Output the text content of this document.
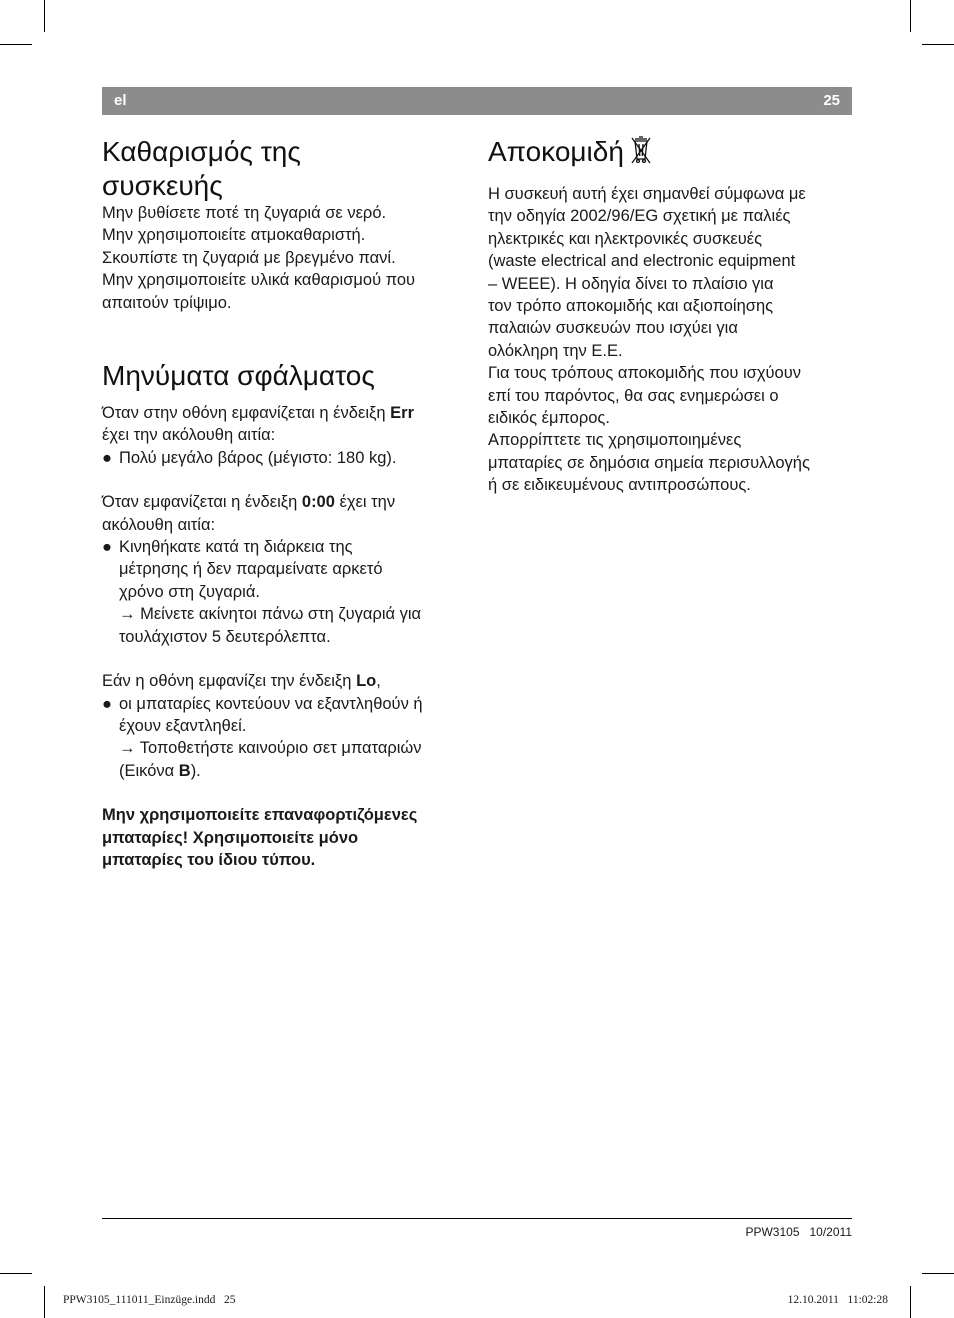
el	25
Καθαρισμός της
συσκευής

Μην βυθίσετε ποτέ τη ζυγαριά σε νερό.

Μην χρησιμοποιείτε ατμοκαθαριστή.

Σκουπίστε τη ζυγαριά με βρεγμένο πανί.

Μην χρησιμοποιείτε υλικά καθαρισμού που

απαιτούν τρίψιμο.

Μηνύματα σφάλματος

Όταν στην οθόνη εμφανίζεται η ένδειξη Err

έχει την ακόλουθη αιτία:

● Πολύ μεγάλο βάρος (μέγιστο: 180 kg).

Όταν εμφανίζεται η ένδειξη 0:00 έχει την

ακόλουθη αιτία:

● Κινηθήκατε κατά τη διάρκεια της
μέτρησης ή δεν παραμείνατε αρκετό
χρόνο στη ζυγαριά.
→ Μείνετε ακίνητοι πάνω στη ζυγαριά για
τουλάχιστον 5 δευτερόλεπτα.

Εάν η οθόνη εμφανίζει την ένδειξη Lo,

● οι μπαταρίες κοντεύουν να εξαντληθούν ή
έχουν εξαντληθεί.
→ Τοποθετήστε καινούριο σετ μπαταριών
(Εικόνα B).

Μην χρησιμοποιείτε επαναφορτιζόμενες

μπαταρίες! Χρησιμοποιείτε μόνο

μπαταρίες του ίδιου τύπου.

Αποκομιδή

Η συσκευή αυτή έχει σημανθεί σύμφωνα με

την οδηγία 2002/96/EG σχετική με παλιές

ηλεκτρικές και ηλεκτρονικές συσκευές

(waste electrical and electronic equipment

– WEEE). Η οδηγία δίνει το πλαίσιο για

τον τρόπο αποκομιδής και αξιοποίησης

παλαιών συσκευών που ισχύει για

ολόκληρη την Ε.Ε.

Για τους τρόπους αποκομιδής που ισχύουν

επί του παρόντος, θα σας ενημερώσει ο

ειδικός έμπορος.

Απορρίπτετε τις χρησιμοποιημένες

μπαταρίες σε δημόσια σημεία περισυλλογής

ή σε ειδικευμένους αντιπροσώπους.

PPW3105   10/2011
PPW3105_111011_Einzüge.indd   25	12.10.2011   11:02:28
